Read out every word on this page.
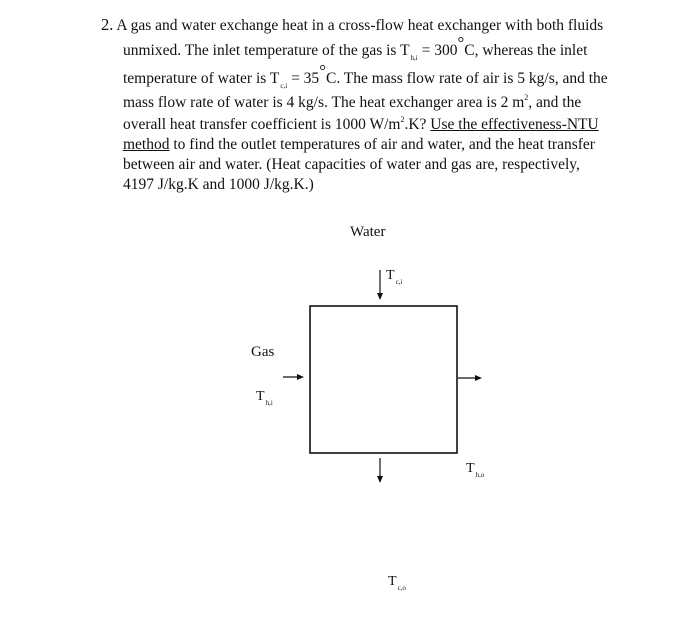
2. A gas and water exchange heat in a cross-flow heat exchanger with both fluids
unmixed. The inlet temperature of the gas is $T_{h,i} = 300^\circ C$, whereas the inlet
temperature of water is $T_{c,i} = 35^\circ C$. The mass flow rate of air is 5 kg/s, and the
mass flow rate of water is 4 kg/s. The heat exchanger area is 2 $m^2$, and the
overall heat transfer coefficient is 1000 $W/m^2.K$? Use the effectiveness-NTU
method to find the outlet temperatures of air and water, and the heat transfer
between air and water. (Heat capacities of water and gas are, respectively,
4197 J/kg.K and 1000 J/kg.K.)
Water
Gas
$T_{c,i}$
$T_{h,i}$
$T_{h,o}$
$T_{c,o}$
